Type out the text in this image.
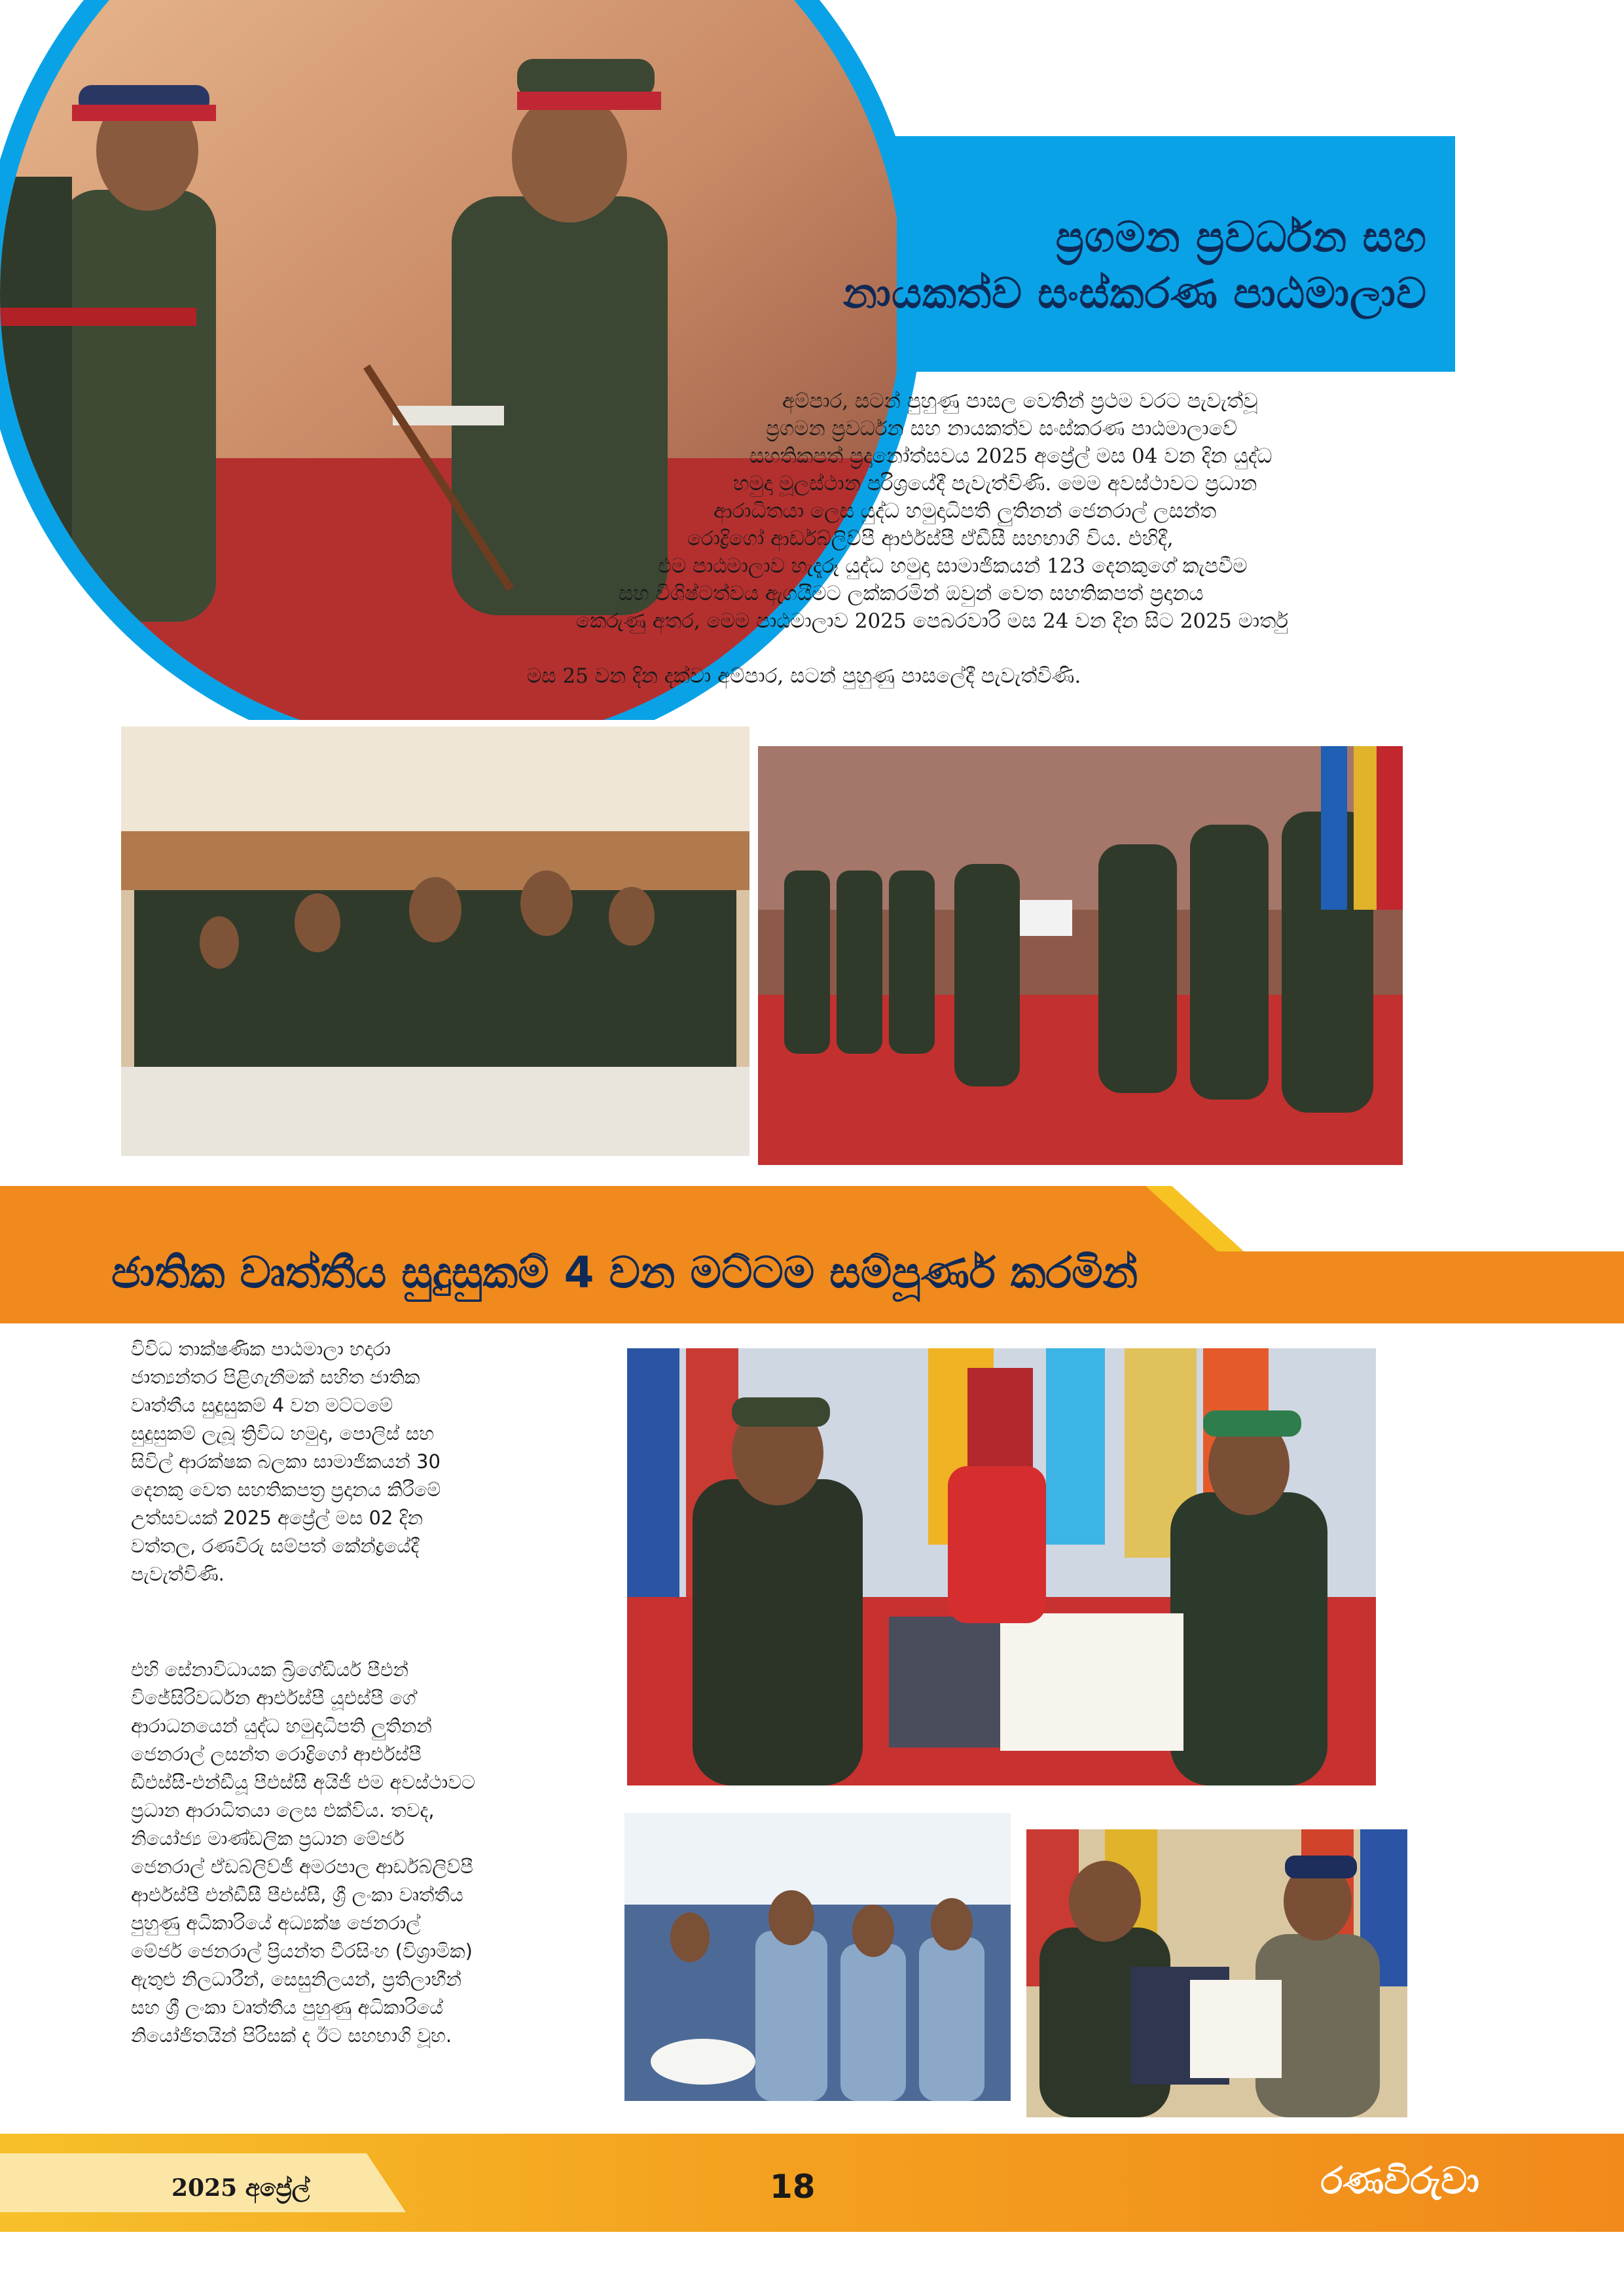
ප්‍රගමන ප්‍රවර්ධන සහ
නායකත්ව සංස්කරණ පාඨමාලාව
අම්පාර, සටන් පුහුණු පාසල වෙතින් ප්‍රථම වරට පැවැත්වූ
ප්‍රගමන ප්‍රවර්ධන සහ නායකත්ව සංස්කරණ පාඨමාලාවේ
සහතිකපත් ප්‍රදානෝත්සවය 2025 අප්‍රේල් මස 04 වන දින යුද්ධ
හමුදා මූලස්ථාන පරිශ්‍රයේදී පැවැත්විණි. මෙම අවස්ථාවට ප්‍රධාන
ආරාධිතයා ලෙස යුද්ධ හමුදාධිපති ලුතිනන් ජෙනරාල් ලසන්ත
රොද්‍රිගෝ ආර්ඩබ්ලිව්පී ආර්එස්පී ඒඩීසී සහභාගි විය. එහිදී,
එම පාඨමාලාව හැදෑරූ යුද්ධ හමුදා සාමාජිකයන් 123 දෙනකුගේ කැපවීම
සහ විශිෂ්ටත්වය ඇගයීමට ලක්කරමින් ඔවුන් වෙත සහතිකපත් ප්‍රදානය
කෙරුණු අතර, මෙම පාඨමාලාව 2025 පෙබරවාරි මස 24 වන දින සිට 2025 මාර්තු
මස 25 වන දින දක්වා අම්පාර, සටන් පුහුණු පාසලේදී පැවැත්විණි.
ජාතික වෘත්තීය සුදුසුකම් 4 වන මට්ටම සම්පූර්ණ කරමින්
විවිධ තාක්ෂණික පාඨමාලා හදාරා
ජාත්‍යන්තර පිළිගැනීමක් සහිත ජාතික
වෘත්තීය සුදුසුකම් 4 වන මට්ටමේ
සුදුසුකම් ලැබූ ත්‍රිවිධ හමුදා, පොලිස් සහ
සිවිල් ආරක්ෂක බලකා සාමාජිකයන් 30
දෙනකු වෙත සහතිකපත්‍ර ප්‍රදානය කිරීමේ
උත්සවයක් 2025 අප්‍රේල් මස 02 දින
වත්තල, රණවිරු සම්පත් කේන්ද්‍රයේදී
පැවැත්විණි.
එහි සේනාවිධායක බ්‍රිගේඩියර් පීඑන්
විජේසිරිවර්ධන ආර්එස්පී යූඑස්පී ගේ
ආරාධනයෙන් යුද්ධ හමුදාධිපති ලුතිනන්
ජෙනරාල් ලසන්ත රොද්‍රිගෝ ආර්එස්පී
ඩීඑස්සී-එන්ඩීයූ පීඑස්සී අයිජී එම අවස්ථාවට
ප්‍රධාන ආරාධිතයා ලෙස එක්විය. තවද,
නියෝජ්‍ය මාණ්ඩලික ප්‍රධාන මේජර්
ජෙනරාල් ඒඩබ්ලිව්ජී අමරපාල ආර්ඩබ්ලිව්පී
ආර්එස්පී එන්ඩීසී පීඑස්සී, ශ්‍රී ලංකා වෘත්තීය
පුහුණු අධිකාරියේ අධ්‍යක්ෂ ජෙනරාල්
මේජර් ජෙනරාල් ප්‍රියන්ත වීරසිංහ (විශ්‍රාමික)
ඇතුළු නිලධාරීන්, සෙසුනිලයන්, ප්‍රතිලාභීන්
සහ ශ්‍රී ලංකා වෘත්තීය පුහුණු අධිකාරියේ
නියෝජිතයින් පිරිසක් ද ඊට සහභාගි වූහ.
2025 අප්‍රේල්	18	රණවිරුවා
